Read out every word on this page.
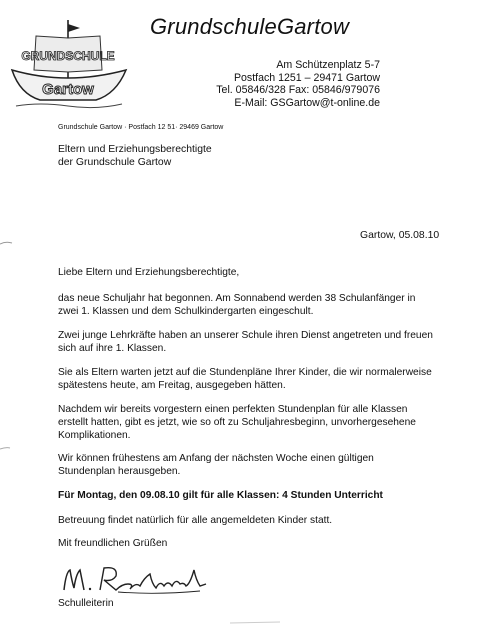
GRUNDSCHULE
Gartow
GrundschuleGartow
Am Schützenplatz 5-7
Postfach 1251 – 29471 Gartow
Tel. 05846/328 Fax: 05846/979076
E-Mail: GSGartow@t-online.de
Grundschule Gartow · Postfach 12 51· 29469 Gartow
Eltern und Erziehungsberechtigte
der Grundschule Gartow
Gartow, 05.08.10
Liebe Eltern und Erziehungsberechtigte,
das neue Schuljahr hat begonnen. Am Sonnabend werden 38 Schulanfänger in
zwei 1. Klassen und dem Schulkindergarten eingeschult.
Zwei junge Lehrkräfte haben an unserer Schule ihren Dienst angetreten und freuen
sich auf ihre 1. Klassen.
Sie als Eltern warten jetzt auf die Stundenpläne Ihrer Kinder, die wir normalerweise
spätestens heute, am Freitag, ausgegeben hätten.
Nachdem wir bereits vorgestern einen perfekten Stundenplan für alle Klassen
erstellt hatten, gibt es jetzt, wie so oft zu Schuljahresbeginn, unvorhergesehene
Komplikationen.
Wir können frühestens am Anfang der nächsten Woche einen gültigen
Stundenplan herausgeben.
Für Montag, den 09.08.10 gilt für alle Klassen: 4 Stunden Unterricht
Betreuung findet natürlich für alle angemeldeten Kinder statt.
Mit freundlichen Grüßen
Schulleiterin
